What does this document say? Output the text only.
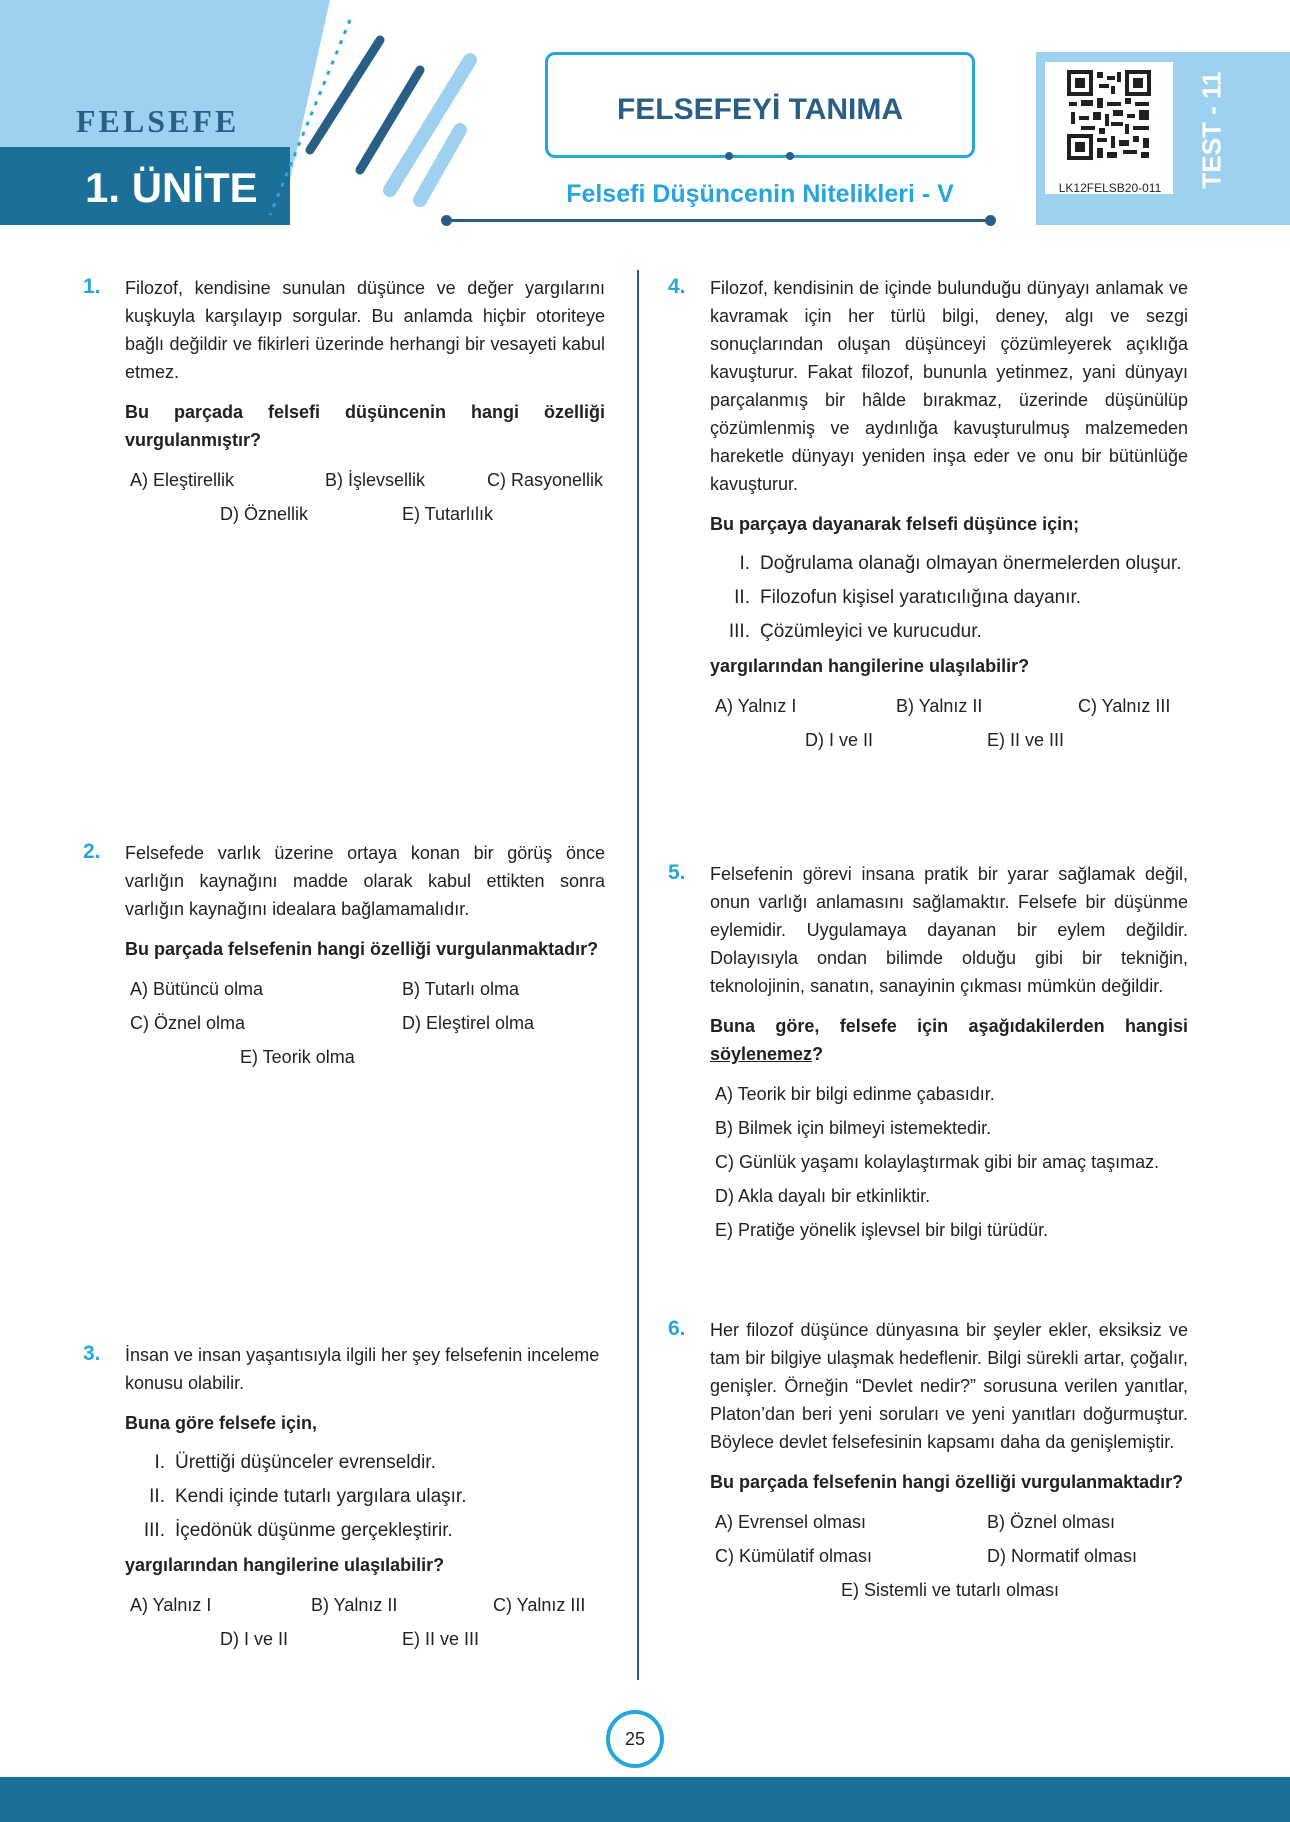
FELSEFE
1. ÜNİTE
FELSEFEYİ TANIMA
Felsefi Düşüncenin Nitelikleri - V	LK12FELSB20-011	TEST - 11
1. Filozof, kendisine sunulan düşünce ve değer yargılarını kuşkuyla karşılayıp sorgular. Bu anlamda hiçbir otoriteye bağlı değildir ve fikirleri üzerinde herhangi bir vesayeti kabul etmez.
Bu parçada felsefi düşüncenin hangi özelliği vurgulanmıştır?
A) Eleştirellik	B) İşlevsellik	C) Rasyonellik
D) Öznellik	E) Tutarlılık
2. Felsefede varlık üzerine ortaya konan bir görüş önce varlığın kaynağını madde olarak kabul ettikten sonra varlığın kaynağını idealara bağlamamalıdır.
Bu parçada felsefenin hangi özelliği vurgulanmaktadır?
A) Bütüncü olma	B) Tutarlı olma
C) Öznel olma	D) Eleştirel olma
E) Teorik olma
3. İnsan ve insan yaşantısıyla ilgili her şey felsefenin inceleme konusu olabilir.
Buna göre felsefe için,
I. Ürettiği düşünceler evrenseldir.
II. Kendi içinde tutarlı yargılara ulaşır.
III. İçedönük düşünme gerçekleştirir.
yargılarından hangilerine ulaşılabilir?
A) Yalnız I	B) Yalnız II	C) Yalnız III
D) I ve II	E) II ve III
4. Filozof, kendisinin de içinde bulunduğu dünyayı anlamak ve kavramak için her türlü bilgi, deney, algı ve sezgi sonuçlarından oluşan düşünceyi çözümleyerek açıklığa kavuşturur. Fakat filozof, bununla yetinmez, yani dünyayı parçalanmış bir hâlde bırakmaz, üzerinde düşünülüp çözümlenmiş ve aydınlığa kavuşturulmuş malzemeden hareketle dünyayı yeniden inşa eder ve onu bir bütünlüğe kavuşturur.
Bu parçaya dayanarak felsefi düşünce için;
I. Doğrulama olanağı olmayan önermelerden oluşur.
II. Filozofun kişisel yaratıcılığına dayanır.
III. Çözümleyici ve kurucudur.
yargılarından hangilerine ulaşılabilir?
A) Yalnız I	B) Yalnız II	C) Yalnız III
D) I ve II	E) II ve III
5. Felsefenin görevi insana pratik bir yarar sağlamak değil, onun varlığı anlamasını sağlamaktır. Felsefe bir düşünme eylemidir. Uygulamaya dayanan bir eylem değildir. Dolayısıyla ondan bilimde olduğu gibi bir tekniğin, teknolojinin, sanatın, sanayinin çıkması mümkün değildir.
Buna göre, felsefe için aşağıdakilerden hangisi söylenemez?
A) Teorik bir bilgi edinme çabasıdır.
B) Bilmek için bilmeyi istemektedir.
C) Günlük yaşamı kolaylaştırmak gibi bir amaç taşımaz.
D) Akla dayalı bir etkinliktir.
E) Pratiğe yönelik işlevsel bir bilgi türüdür.
6. Her filozof düşünce dünyasına bir şeyler ekler, eksiksiz ve tam bir bilgiye ulaşmak hedeflenir. Bilgi sürekli artar, çoğalır, genişler. Örneğin “Devlet nedir?” sorusuna verilen yanıtlar, Platon’dan beri yeni soruları ve yeni yanıtları doğurmuştur. Böylece devlet felsefesinin kapsamı daha da genişlemiştir.
Bu parçada felsefenin hangi özelliği vurgulanmaktadır?
A) Evrensel olması	B) Öznel olması
C) Kümülatif olması	D) Normatif olması
E) Sistemli ve tutarlı olması
25
